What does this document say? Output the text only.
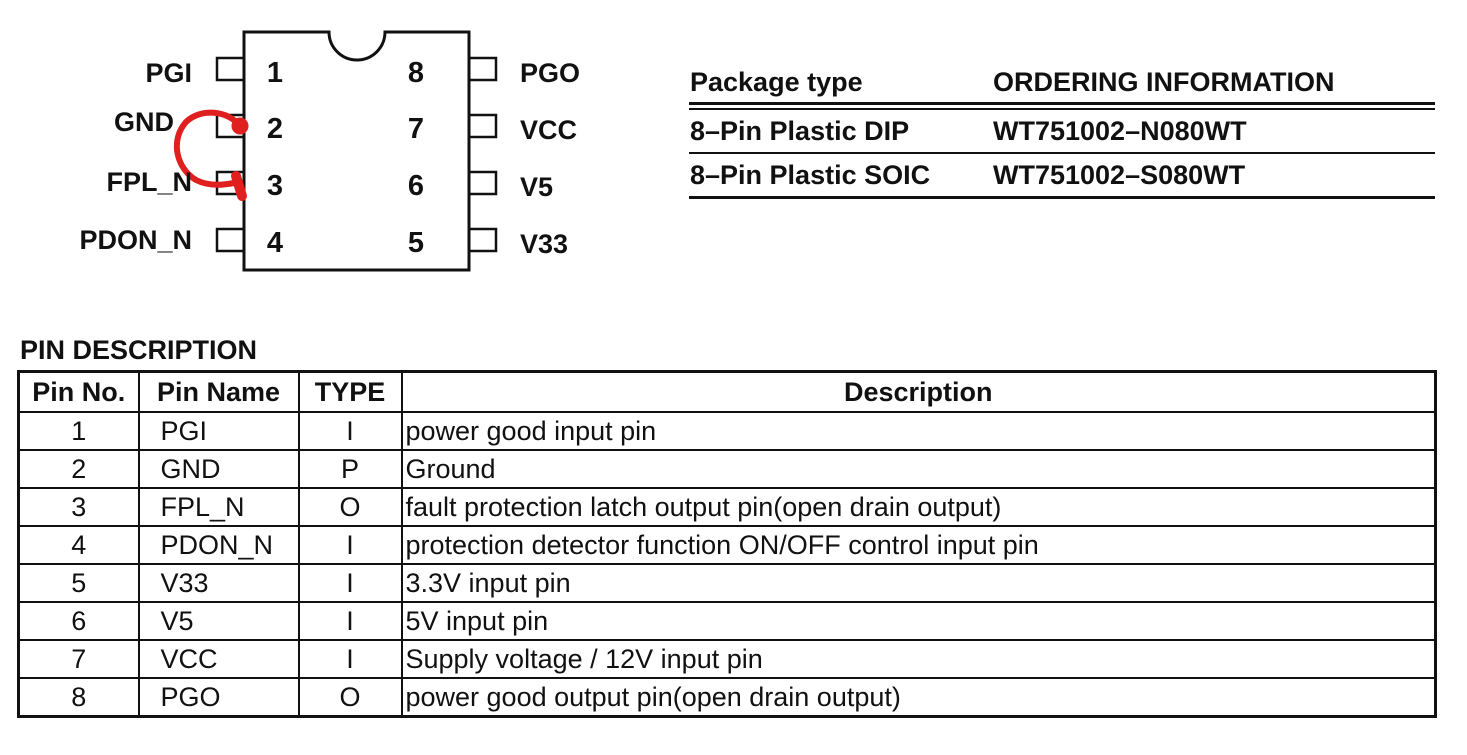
PGI
GND
FPL_N
PDON_N
1
2
3
4
8
7
6
5
PGO
VCC
V5
V33
Package type	ORDERING INFORMATION
8–Pin Plastic DIP	WT751002–N080WT
8–Pin Plastic SOIC	WT751002–S080WT
PIN DESCRIPTION
Pin No.	Pin Name	TYPE	Description
1	PGI	I	power good input pin
2	GND	P	Ground
3	FPL_N	O	fault protection latch output pin(open drain output)
4	PDON_N	I	protection detector function ON/OFF control input pin
5	V33	I	3.3V input pin
6	V5	I	5V input pin
7	VCC	I	Supply voltage / 12V input pin
8	PGO	O	power good output pin(open drain output)
